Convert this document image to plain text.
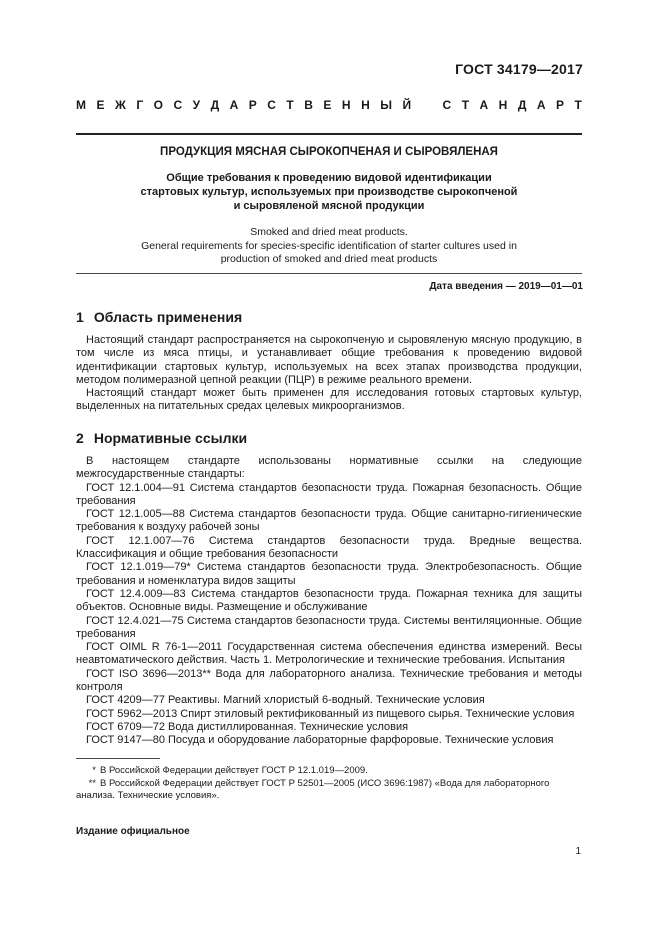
ГОСТ 34179—2017
М Е Ж Г О С У Д А Р С Т В Е Н Н Ы Й	С Т А Н Д А Р Т
ПРОДУКЦИЯ МЯСНАЯ СЫРОКОПЧЕНАЯ И СЫРОВЯЛЕНАЯ
Общие требования к проведению видовой идентификации
стартовых культур, используемых при производстве сырокопченой
и сыровяленой мясной продукции
Smoked and dried meat products.
General requirements for species-specific identification of starter cultures used in
production of smoked and dried meat products
Дата введения — 2019—01—01
1 Область применения

Настоящий стандарт распространяется на сырокопченую и сыровяленую мясную продукцию, в том числе из мяса птицы, и устанавливает общие требования к проведению видовой идентификации стартовых культур, используемых на всех этапах производства продукции, методом полимеразной цепной реакции (ПЦР) в режиме реального времени.

Настоящий стандарт может быть применен для исследования готовых стартовых культур, выделенных на питательных средах целевых микроорганизмов.

2 Нормативные ссылки

В настоящем стандарте использованы нормативные ссылки на следующие межгосударственные стандарты:

ГОСТ 12.1.004—91 Система стандартов безопасности труда. Пожарная безопасность. Общие требования

ГОСТ 12.1.005—88 Система стандартов безопасности труда. Общие санитарно-гигиенические требования к воздуху рабочей зоны

ГОСТ 12.1.007—76 Система стандартов безопасности труда. Вредные вещества. Классификация и общие требования безопасности

ГОСТ 12.1.019—79* Система стандартов безопасности труда. Электробезопасность. Общие требования и номенклатура видов защиты

ГОСТ 12.4.009—83 Система стандартов безопасности труда. Пожарная техника для защиты объектов. Основные виды. Размещение и обслуживание

ГОСТ 12.4.021—75 Система стандартов безопасности труда. Системы вентиляционные. Общие требования

ГОСТ OIML R 76-1—2011 Государственная система обеспечения единства измерений. Весы неавтоматического действия. Часть 1. Метрологические и технические требования. Испытания

ГОСТ ISO 3696—2013** Вода для лабораторного анализа. Технические требования и методы контроля

ГОСТ 4209—77 Реактивы. Магний хлористый 6-водный. Технические условия

ГОСТ 5962—2013 Спирт этиловый ректификованный из пищевого сырья. Технические условия

ГОСТ 6709—72 Вода дистиллированная. Технические условия

ГОСТ 9147—80 Посуда и оборудование лабораторные фарфоровые. Технические условия

* В Российской Федерации действует ГОСТ Р 12.1.019—2009.

** В Российской Федерации действует ГОСТ Р 52501—2005 (ИСО 3696:1987) «Вода для лабораторного анализа. Технические условия».

Издание официальное
1
